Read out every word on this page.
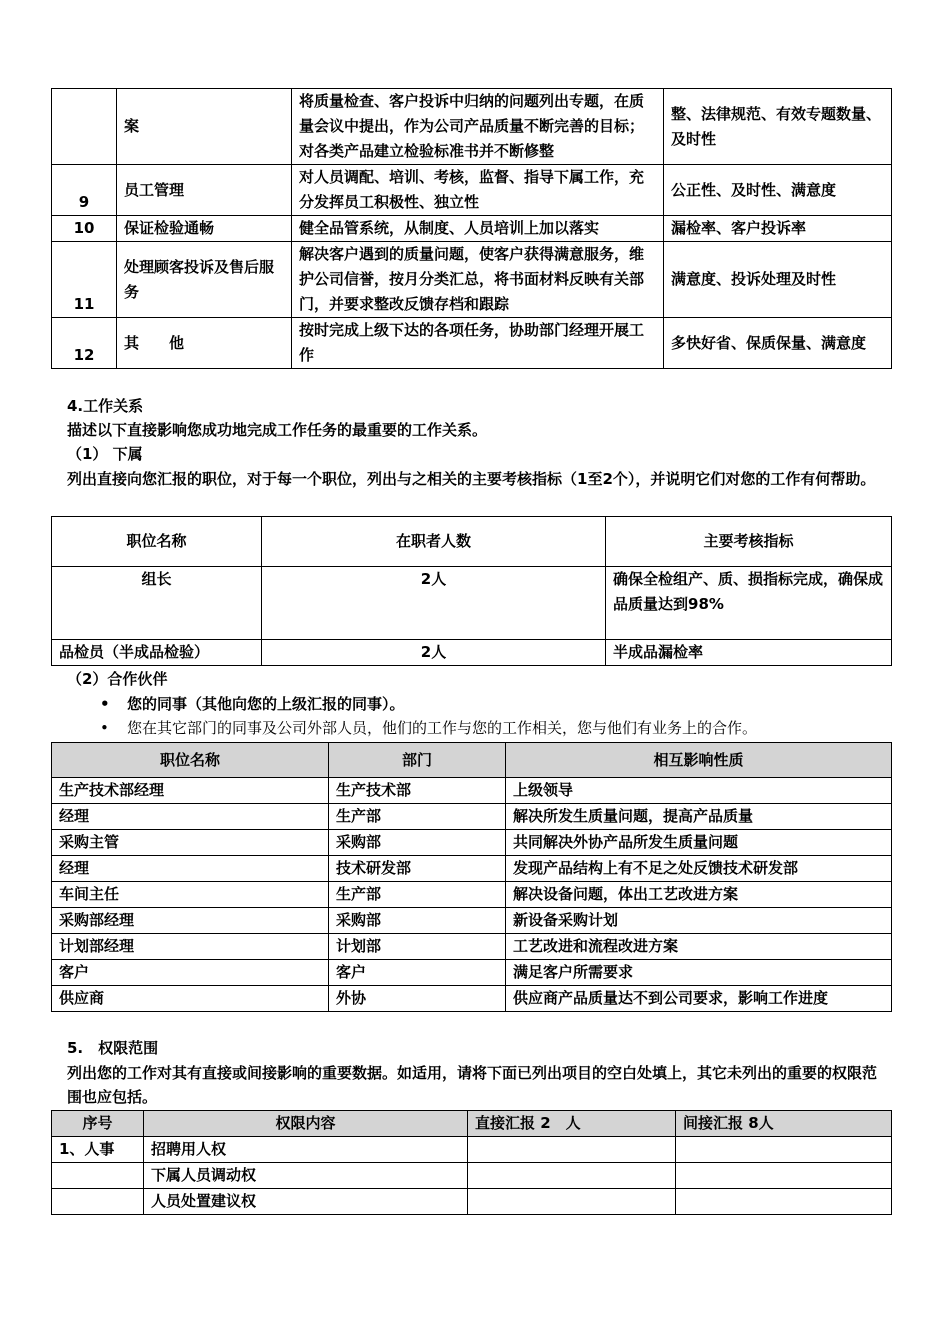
	案	将质量检查、客户投诉中归纳的问题列出专题，在质量会议中提出，作为公司产品质量不断完善的目标；对各类产品建立检验标准书并不断修整	整、法律规范、有效专题数量、及时性
9	员工管理	对人员调配、培训、考核，监督、指导下属工作，充分发挥员工积极性、独立性	公正性、及时性、满意度
10	保证检验通畅	健全品管系统，从制度、人员培训上加以落实	漏检率、客户投诉率
11	处理顾客投诉及售后服务	解决客户遇到的质量问题，使客户获得满意服务，维护公司信誉，按月分类汇总，将书面材料反映有关部门，并要求整改反馈存档和跟踪	满意度、投诉处理及时性
12	其　　他	按时完成上级下达的各项任务，协助部门经理开展工作	多快好省、保质保量、满意度
4.工作关系
描述以下直接影响您成功地完成工作任务的最重要的工作关系。
（1） 下属
列出直接向您汇报的职位，对于每一个职位，列出与之相关的主要考核指标（1至2个），并说明它们对您的工作有何帮助。
职位名称	在职者人数	主要考核指标
组长	2人	确保全检组产、质、损指标完成，确保成品质量达到98%
品检员（半成品检验）	2人	半成品漏检率
（2）合作伙伴
• 您的同事（其他向您的上级汇报的同事）。
• 您在其它部门的同事及公司外部人员，他们的工作与您的工作相关，您与他们有业务上的合作。
职位名称	部门	相互影响性质
生产技术部经理	生产技术部	上级领导
经理	生产部	解决所发生质量问题，提高产品质量
采购主管	采购部	共同解决外协产品所发生质量问题
经理	技术研发部	发现产品结构上有不足之处反馈技术研发部
车间主任	生产部	解决设备问题，体出工艺改进方案
采购部经理	采购部	新设备采购计划
计划部经理	计划部	工艺改进和流程改进方案
客户	客户	满足客户所需要求
供应商	外协	供应商产品质量达不到公司要求，影响工作进度
5.　权限范围
列出您的工作对其有直接或间接影响的重要数据。如适用，请将下面已列出项目的空白处填上，其它未列出的重要的权限范围也应包括。
序号	权限内容	直接汇报 2　人	间接汇报 8人
1、人事	招聘用人权		
	下属人员调动权		
	人员处置建议权		
